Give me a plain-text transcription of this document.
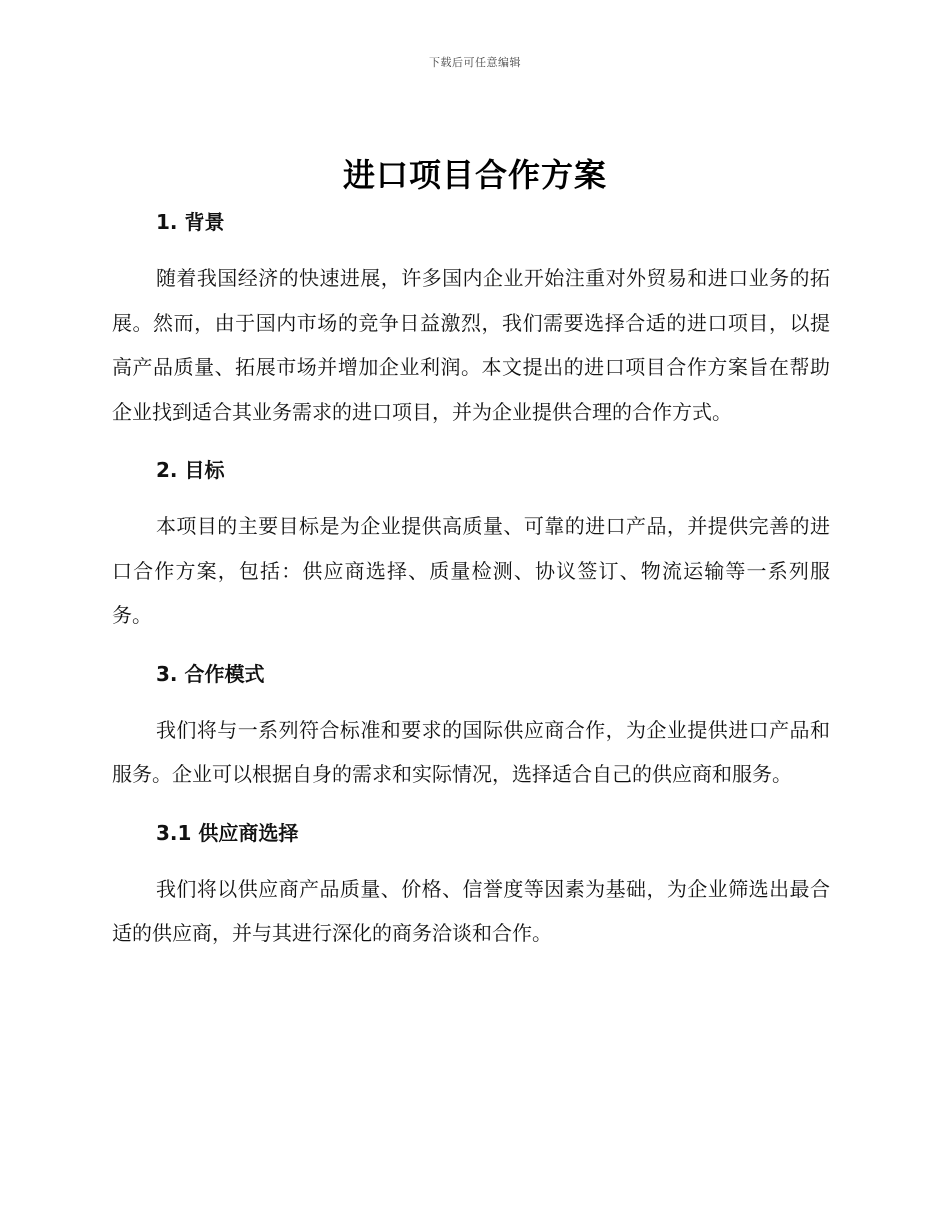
下载后可任意编辑
进口项目合作方案
1. 背景

随着我国经济的快速进展，许多国内企业开始注重对外贸易和进口业务的拓展。然而，由于国内市场的竞争日益激烈，我们需要选择合适的进口项目，以提高产品质量、拓展市场并增加企业利润。本文提出的进口项目合作方案旨在帮助企业找到适合其业务需求的进口项目，并为企业提供合理的合作方式。

2. 目标

本项目的主要目标是为企业提供高质量、可靠的进口产品，并提供完善的进口合作方案，包括：供应商选择、质量检测、协议签订、物流运输等一系列服务。

3. 合作模式

我们将与一系列符合标准和要求的国际供应商合作，为企业提供进口产品和服务。企业可以根据自身的需求和实际情况，选择适合自己的供应商和服务。

3.1 供应商选择

我们将以供应商产品质量、价格、信誉度等因素为基础，为企业筛选出最合适的供应商，并与其进行深化的商务洽谈和合作。
